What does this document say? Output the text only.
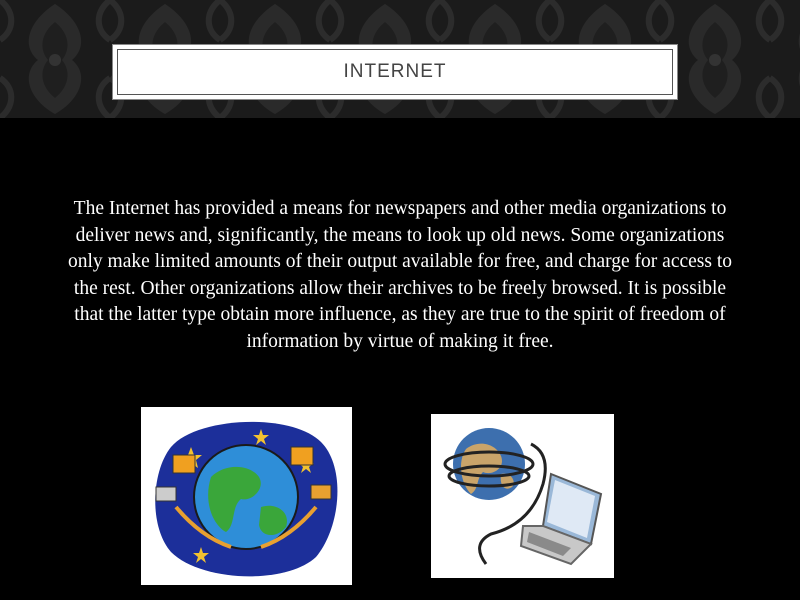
INTERNET

The Internet has provided a means for newspapers and other media organizations to deliver news and, significantly, the means to look up old news. Some organizations only make limited amounts of their output available for free, and charge for access to the rest. Other organizations allow their archives to be freely browsed. It is possible that the latter type obtain more influence, as they are true to the spirit of freedom of information by virtue of making it free.
